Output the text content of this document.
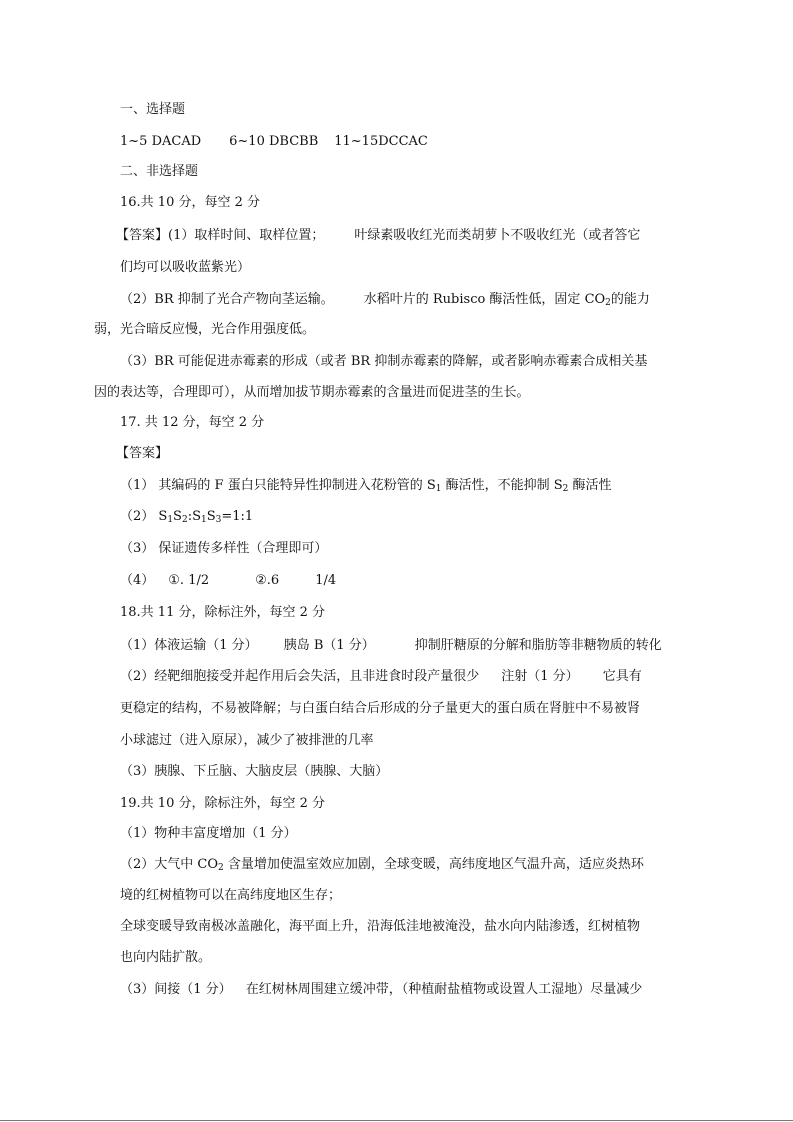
一、选择题
1~5 DACAD 6~10 DBCBB 11~15DCCAC
二、非选择题
16.共 10 分，每空 2 分
【答案】(1）取样时间、取样位置； 叶绿素吸收红光而类胡萝卜不吸收红光（或者答它
们均可以吸收蓝紫光）
（2）BR 抑制了光合产物向茎运输。 水稻叶片的 Rubisco 酶活性低，固定 $CO_2$的能力
弱，光合暗反应慢，光合作用强度低。
（3）BR 可能促进赤霉素的形成（或者 BR 抑制赤霉素的降解，或者影响赤霉素合成相关基
因的表达等，合理即可），从而增加拔节期赤霉素的含量进而促进茎的生长。
17. 共 12 分，每空 2 分
【答案】
（1） 其编码的 F 蛋白只能特异性抑制进入花粉管的 $S_1$ 酶活性，不能抑制 $S_2$ 酶活性
（2） $S_1S_2:S_1S_3=1:1$
（3） 保证遗传多样性（合理即可）
（4） ①. 1/2	②.6	1/4
18.共 11 分，除标注外，每空 2 分
（1）体液运输（1 分） 胰岛 B（1 分）	抑制肝糖原的分解和脂肪等非糖物质的转化
（2）经靶细胞接受并起作用后会失活，且非进食时段产量很少 注射（1 分） 它具有
更稳定的结构，不易被降解；与白蛋白结合后形成的分子量更大的蛋白质在肾脏中不易被肾
小球滤过（进入原尿），减少了被排泄的几率
（3）胰腺、下丘脑、大脑皮层（胰腺、大脑）
19.共 10 分，除标注外，每空 2 分
（1）物种丰富度增加（1 分）
（2）大气中 $CO_2$ 含量增加使温室效应加剧，全球变暖，高纬度地区气温升高，适应炎热环
境的红树植物可以在高纬度地区生存；
全球变暖导致南极冰盖融化，海平面上升，沿海低洼地被淹没，盐水向内陆渗透，红树植物
也向内陆扩散。
（3）间接（1 分） 在红树林周围建立缓冲带，（种植耐盐植物或设置人工湿地）尽量减少
